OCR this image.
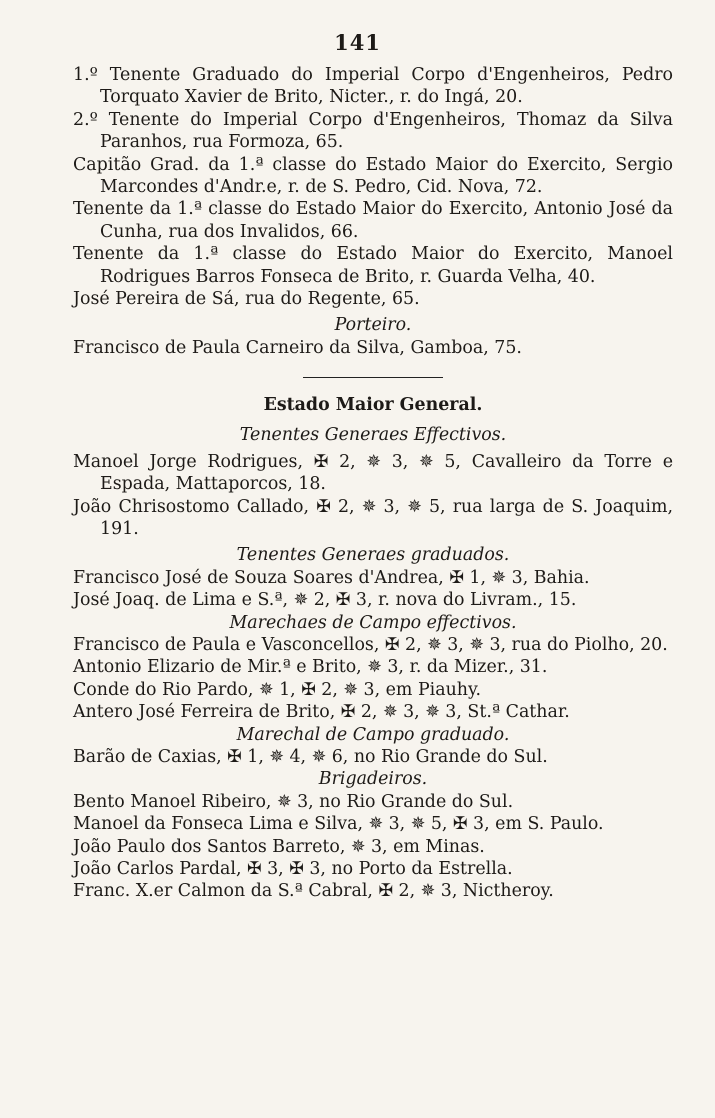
141

1.º Tenente Graduado do Imperial Corpo d'Engenheiros, Pedro Torquato Xavier de Brito, Nicter., r. do Ingá, 20.

2.º Tenente do Imperial Corpo d'Engenheiros, Thomaz da Silva Paranhos, rua Formoza, 65.

Capitão Grad. da 1.ª classe do Estado Maior do Exercito, Sergio Marcondes d'Andr.e, r. de S. Pedro, Cid. Nova, 72.

Tenente da 1.ª classe do Estado Maior do Exercito, Antonio José da Cunha, rua dos Invalidos, 66.

Tenente da 1.ª classe do Estado Maior do Exercito, Manoel Rodrigues Barros Fonseca de Brito, r. Guarda Velha, 40.

José Pereira de Sá, rua do Regente, 65.

Porteiro.

Francisco de Paula Carneiro da Silva, Gamboa, 75.

Estado Maior General.

Tenentes Generaes Effectivos.

Manoel Jorge Rodrigues, ✠ 2, ✵ 3, ✵ 5, Cavalleiro da Torre e Espada, Mattaporcos, 18.

João Chrisostomo Callado, ✠ 2, ✵ 3, ✵ 5, rua larga de S. Joaquim, 191.

Tenentes Generaes graduados.

Francisco José de Souza Soares d'Andrea, ✠ 1, ✵ 3, Bahia.

José Joaq. de Lima e S.ª, ✵ 2, ✠ 3, r. nova do Livram., 15.

Marechaes de Campo effectivos.

Francisco de Paula e Vasconcellos, ✠ 2, ✵ 3, ✵ 3, rua do Piolho, 20.

Antonio Elizario de Mir.ª e Brito, ✵ 3, r. da Mizer., 31.

Conde do Rio Pardo, ✵ 1, ✠ 2, ✵ 3, em Piauhy.

Antero José Ferreira de Brito, ✠ 2, ✵ 3, ✵ 3, St.ª Cathar.

Marechal de Campo graduado.

Barão de Caxias, ✠ 1, ✵ 4, ✵ 6, no Rio Grande do Sul.

Brigadeiros.

Bento Manoel Ribeiro, ✵ 3, no Rio Grande do Sul.

Manoel da Fonseca Lima e Silva, ✵ 3, ✵ 5, ✠ 3, em S. Paulo.

João Paulo dos Santos Barreto, ✵ 3, em Minas.

João Carlos Pardal, ✠ 3, ✠ 3, no Porto da Estrella.

Franc. X.er Calmon da S.ª Cabral, ✠ 2, ✵ 3, Nictheroy.
